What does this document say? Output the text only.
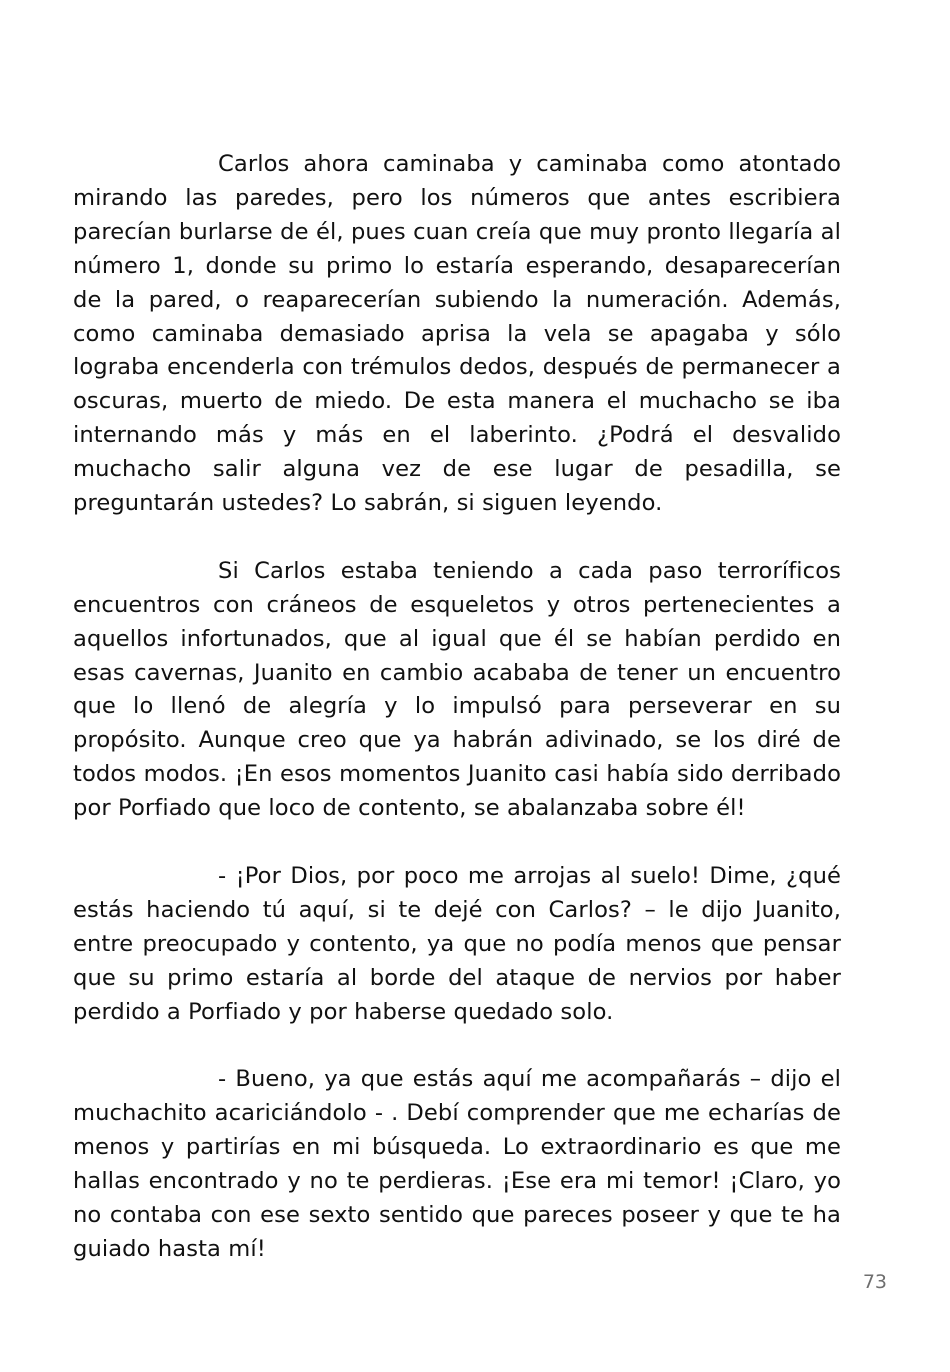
Carlos ahora caminaba y caminaba como atontado mirando las paredes, pero los números que antes escribiera parecían burlarse de él, pues cuan creía que muy pronto llegaría al número 1, donde su primo lo estaría esperando, desaparecerían de la pared, o reaparecerían subiendo la numeración. Además, como caminaba demasiado aprisa la vela se apagaba y sólo lograba encenderla con trémulos dedos, después de permanecer a oscuras, muerto de miedo. De esta manera el muchacho se iba internando más y más en el laberinto. ¿Podrá el desvalido muchacho salir alguna vez de ese lugar de pesadilla, se preguntarán ustedes? Lo sabrán, si siguen leyendo.

Si Carlos estaba teniendo a cada paso terroríficos encuentros con cráneos de esqueletos y otros pertenecientes a aquellos infortunados, que al igual que él se habían perdido en esas cavernas, Juanito en cambio acababa de tener un encuentro que lo llenó de alegría y lo impulsó para perseverar en su propósito. Aunque creo que ya habrán adivinado, se los diré de todos modos. ¡En esos momentos Juanito casi había sido derribado por Porfiado que loco de contento, se abalanzaba sobre él!

- ¡Por Dios, por poco me arrojas al suelo! Dime, ¿qué estás haciendo tú aquí, si te dejé con Carlos? – le dijo Juanito, entre preocupado y contento, ya que no podía menos que pensar que su primo estaría al borde del ataque de nervios por haber perdido a Porfiado y por haberse quedado solo.

- Bueno, ya que estás aquí me acompañarás – dijo el muchachito acariciándolo - . Debí comprender que me echarías de menos y partirías en mi búsqueda. Lo extraordinario es que me hallas encontrado y no te perdieras. ¡Ese era mi temor! ¡Claro, yo no contaba con ese sexto sentido que pareces poseer y que te ha guiado hasta mí!

73
